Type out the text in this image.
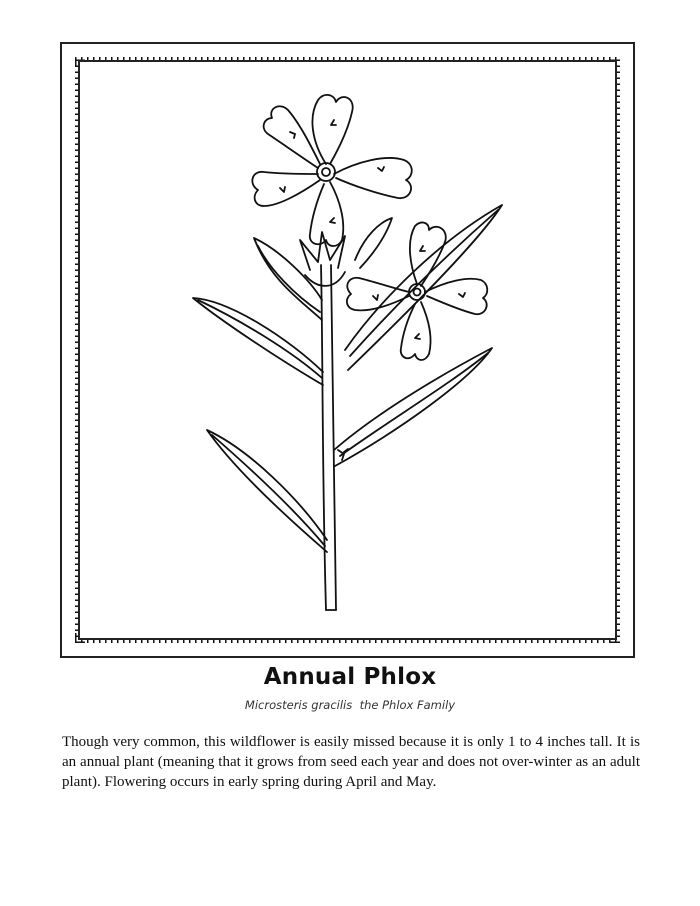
Annual Phlox
Microsteris gracilis the Phlox Family

Though very common, this wildflower is easily missed because it is only 1 to 4 inches tall. It is an annual plant (meaning that it grows from seed each year and does not over-winter as an adult plant). Flowering occurs in early spring during April and May.
